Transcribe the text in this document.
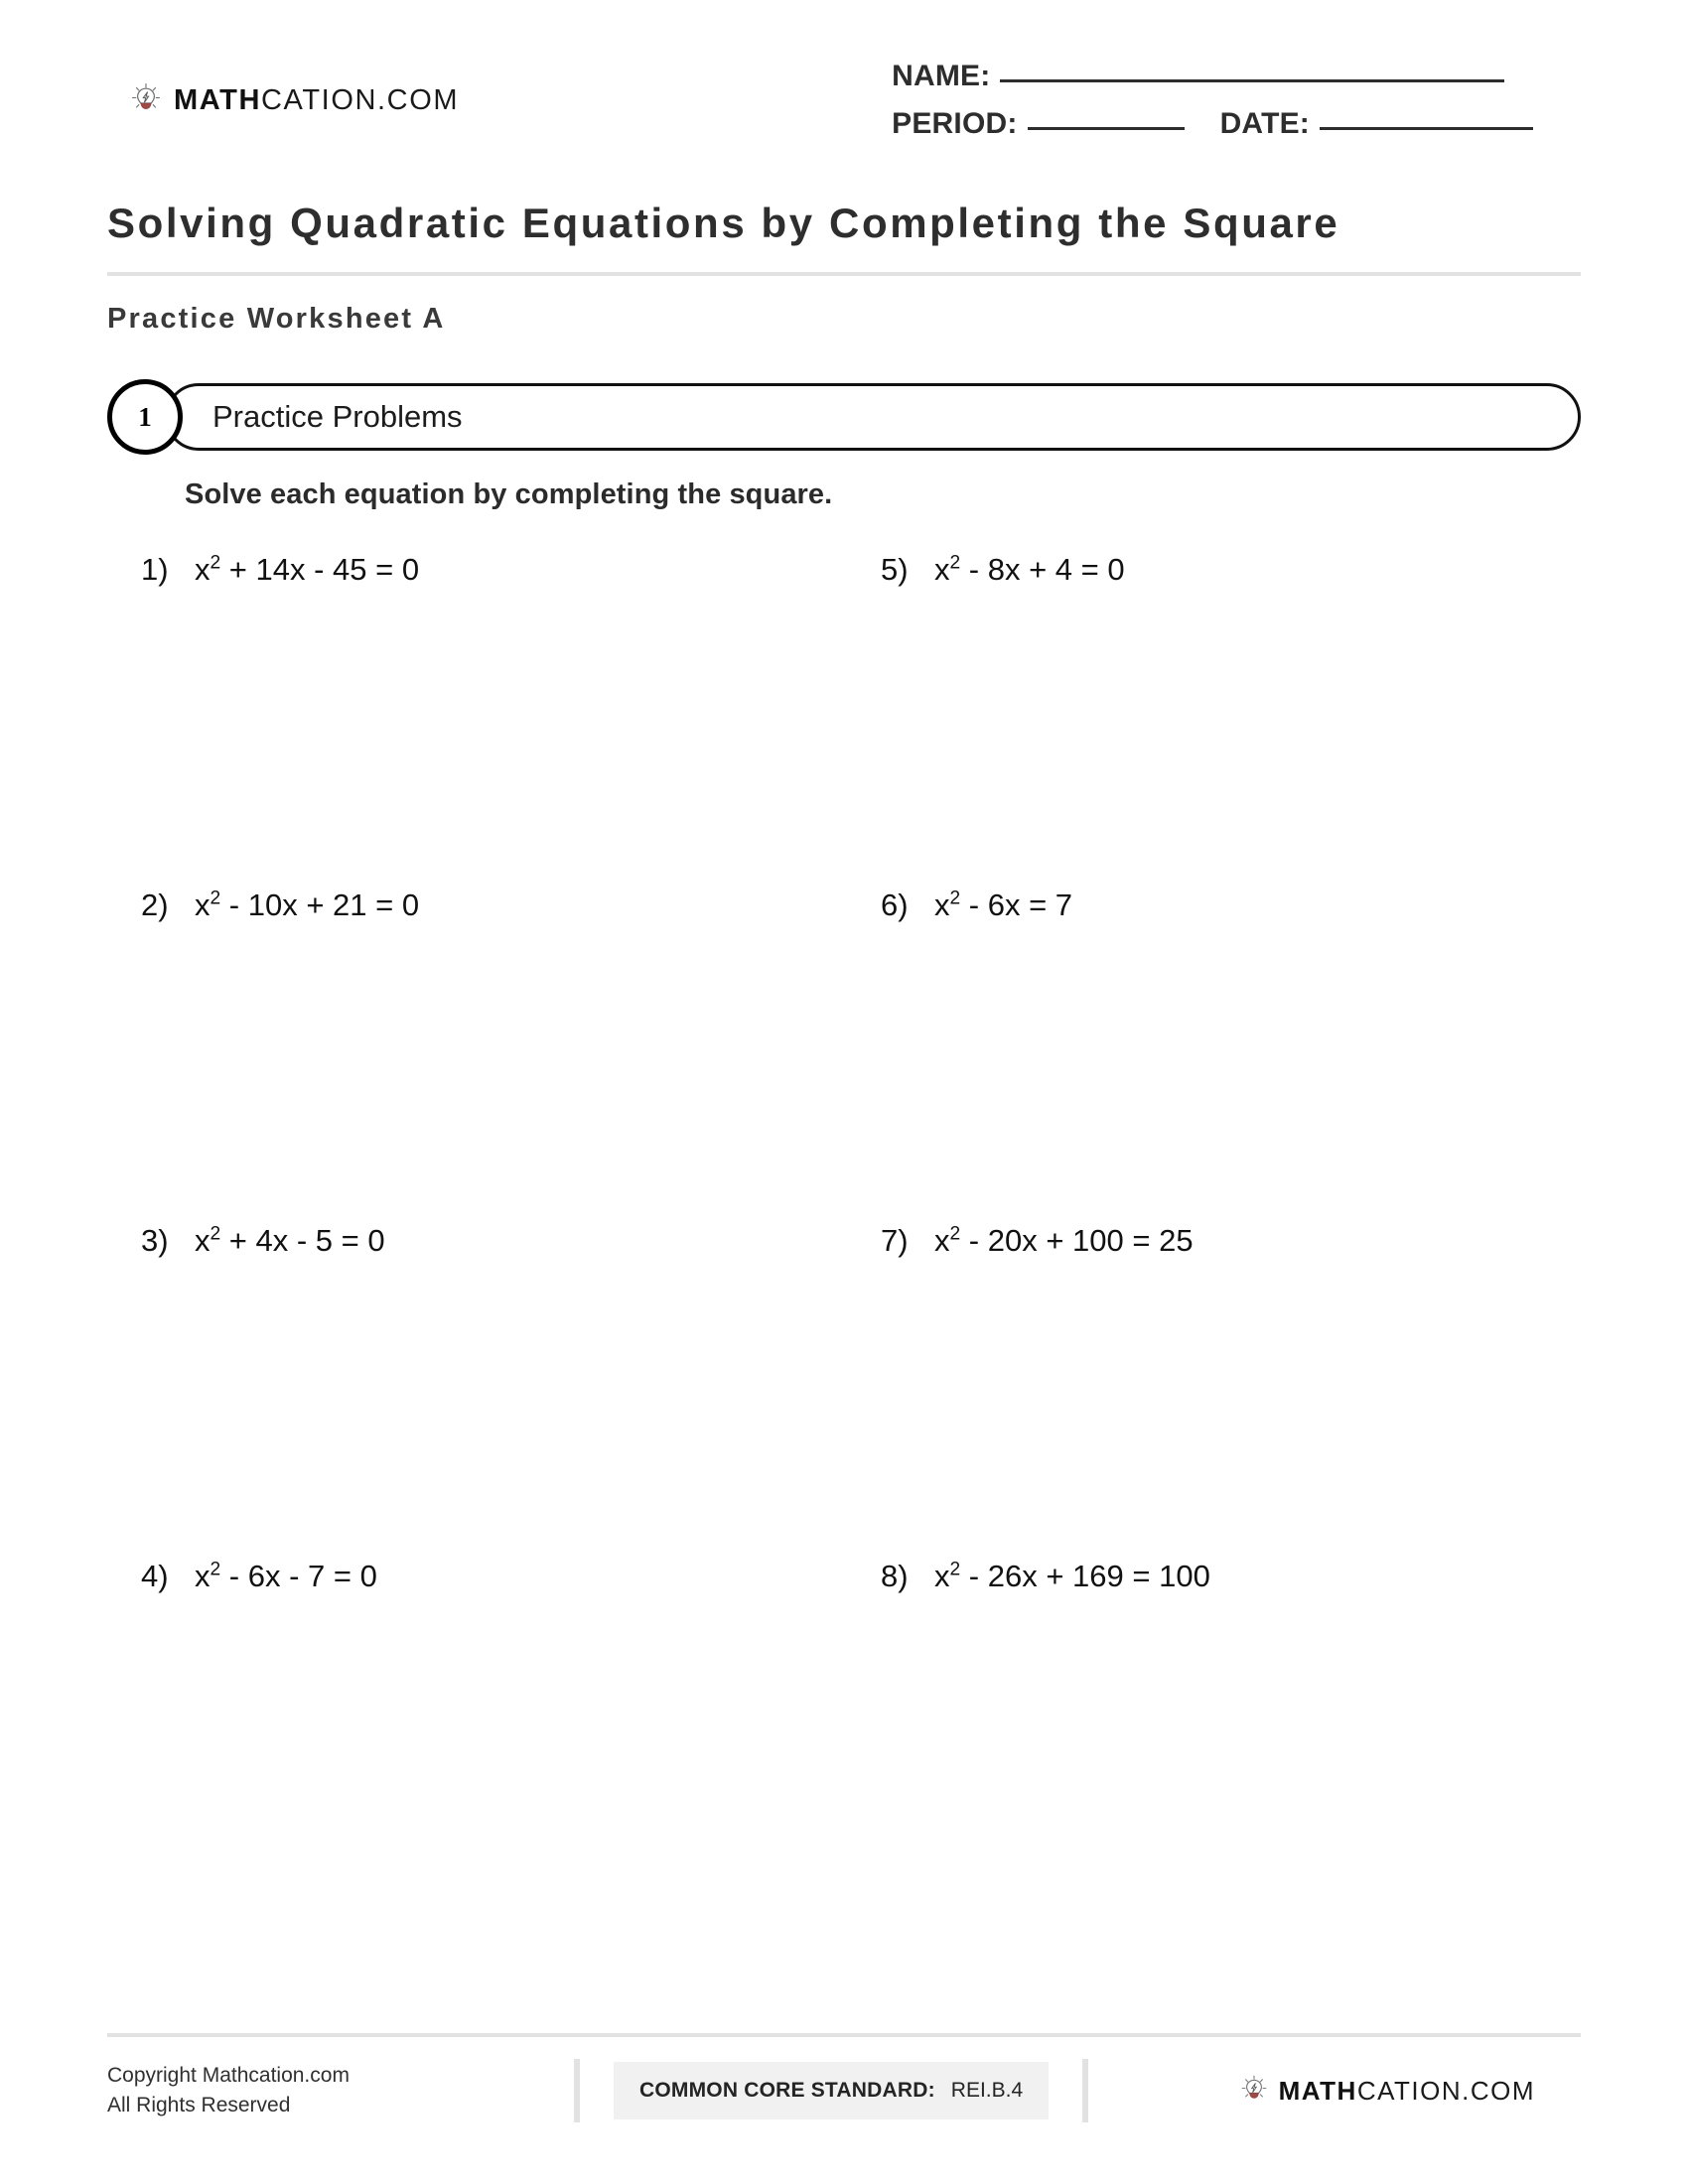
MATHCATION.COM
NAME:
PERIOD:	DATE:
Solving Quadratic Equations by Completing the Square
Practice Worksheet A
1 Practice Problems
Solve each equation by completing the square.
1) $x^2 + 14x - 45 = 0$	5) $x^2 - 8x + 4 = 0$
2) $x^2 - 10x + 21 = 0$	6) $x^2 - 6x = 7$
3) $x^2 + 4x - 5 = 0$	7) $x^2 - 20x + 100 = 25$
4) $x^2 - 6x - 7 = 0$	8) $x^2 - 26x + 169 = 100$
Copyright Mathcation.com
All Rights Reserved
COMMON CORE STANDARD: REI.B.4	MATHCATION.COM
